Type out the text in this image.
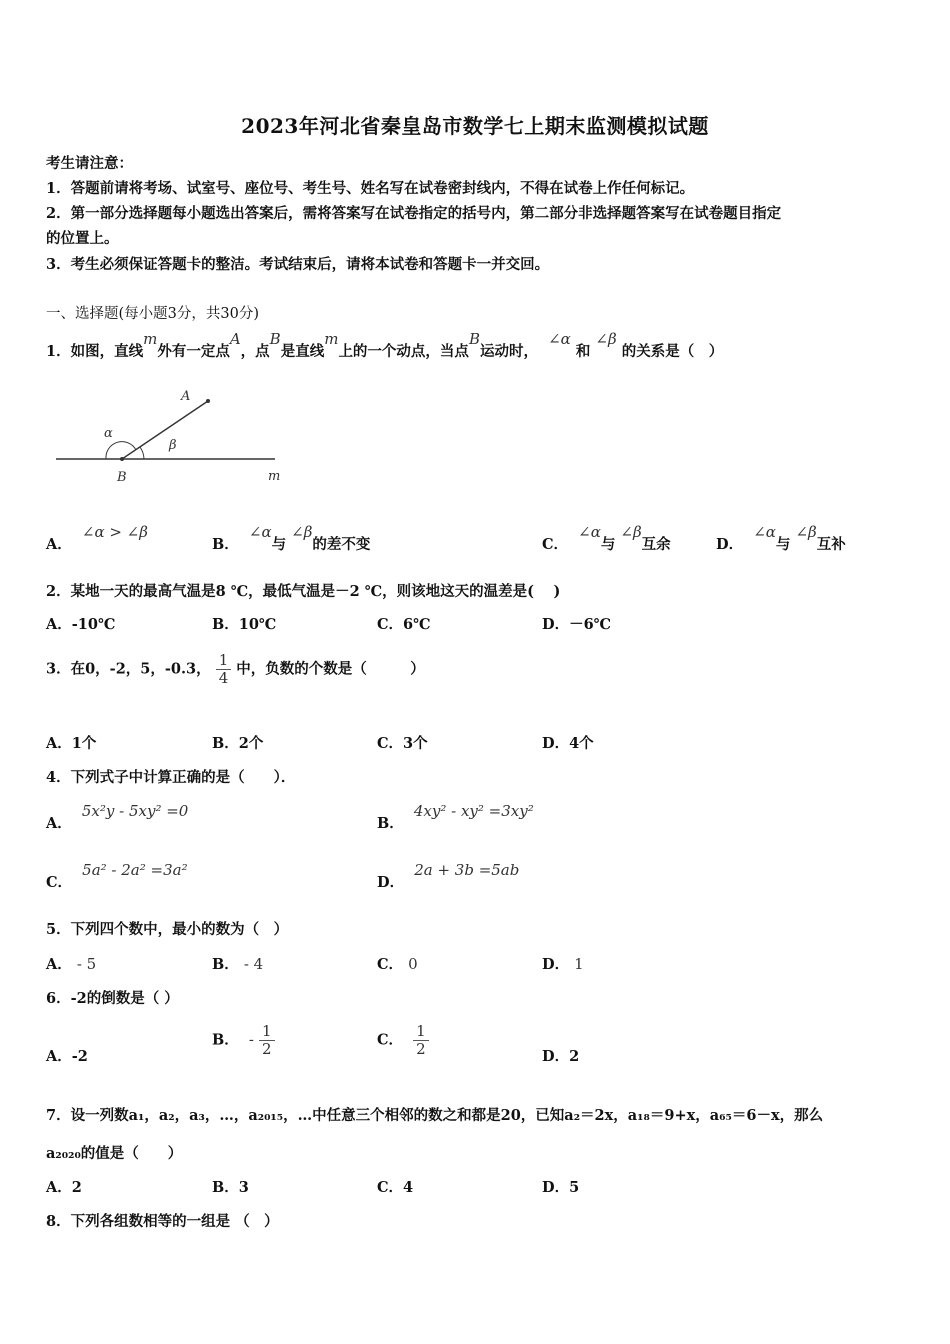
2023年河北省秦皇岛市数学七上期末监测模拟试题
考生请注意：
1．答题前请将考场、试室号、座位号、考生号、姓名写在试卷密封线内，不得在试卷上作任何标记。
2．第一部分选择题每小题选出答案后，需将答案写在试卷指定的括号内，第二部分非选择题答案写在试卷题目指定
的位置上。
3．考生必须保证答题卡的整洁。考试结束后，请将本试卷和答题卡一并交回。
一、选择题(每小题3分，共30分)
1．如图，直线m外有一定点A，点B是直线m上的一个动点，当点B运动时，  ∠α 和 ∠β 的关系是（　）
A
B	m
α
β
A．  ∠α > ∠β
B．  ∠α与 ∠β的差不变	C．  ∠α与 ∠β互余	D．  ∠α与 ∠β互补
2．某地一天的最高气温是8 ℃，最低气温是－2 ℃，则该地这天的温差是(　 )
A．-10℃	B．10℃	C．6℃	D．－6℃
3．在0，-2，5，-0.3， $\frac{1}{4}$ 中，负数的个数是（　　　）
A．1个	B．2个	C．3个	D．4个
4．下列式子中计算正确的是（　　）．
A．  5x²y - 5xy² =0
B．  4xy² - xy² =3xy²
C．  5a² - 2a² =3a²
D．  2a + 3b =5ab
5．下列四个数中，最小的数为（　）
A． - 5	B． - 4	C． 0	D． 1
6．-2的倒数是（ ）
A．-2
B． - $\frac{1}{2}$	C． $\frac{1}{2}$	D．2
7．设一列数a₁，a₂，a₃，…，a₂₀₁₅，…中任意三个相邻的数之和都是20，已知a₂＝2x，a₁₈＝9+x，a₆₅＝6－x，那么
a₂₀₂₀的值是（　　）
A．2	B．3	C．4	D．5
8．下列各组数相等的一组是 （　）
